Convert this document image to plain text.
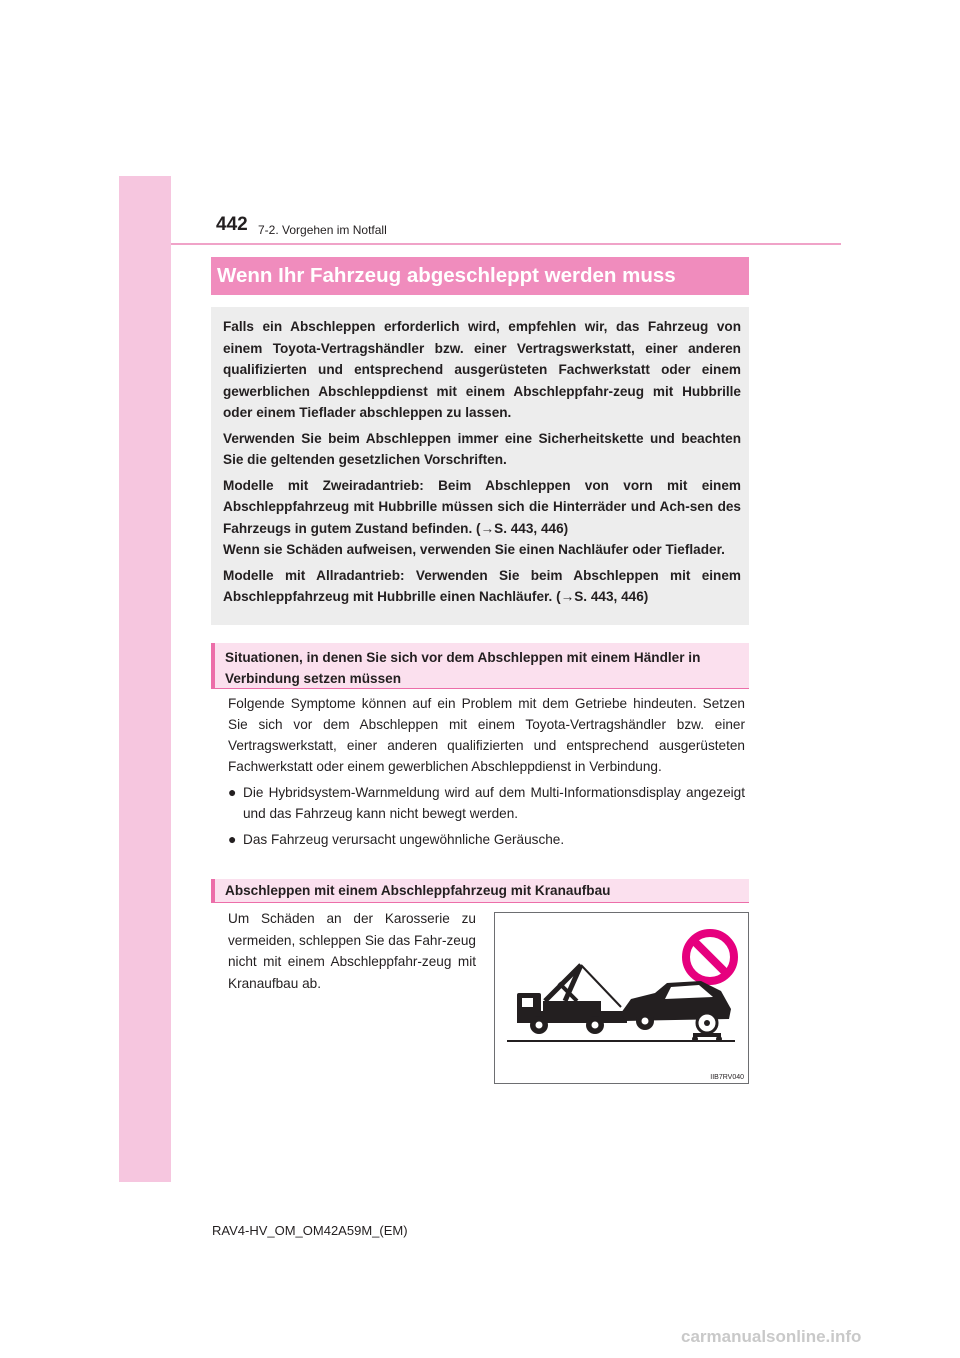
442 7-2. Vorgehen im Notfall
Wenn Ihr Fahrzeug abgeschleppt werden muss

Falls ein Abschleppen erforderlich wird, empfehlen wir, das Fahrzeug von einem Toyota-Vertragshändler bzw. einer Vertragswerkstatt, einer anderen qualifizierten und entsprechend ausgerüsteten Fachwerkstatt oder einem gewerblichen Abschleppdienst mit einem Abschleppfahr-zeug mit Hubbrille oder einem Tieflader abschleppen zu lassen.

Verwenden Sie beim Abschleppen immer eine Sicherheitskette und beachten Sie die geltenden gesetzlichen Vorschriften.

Modelle mit Zweiradantrieb: Beim Abschleppen von vorn mit einem Abschleppfahrzeug mit Hubbrille müssen sich die Hinterräder und Ach-sen des Fahrzeugs in gutem Zustand befinden. (→S. 443, 446)

Wenn sie Schäden aufweisen, verwenden Sie einen Nachläufer oder Tieflader.

Modelle mit Allradantrieb: Verwenden Sie beim Abschleppen mit einem Abschleppfahrzeug mit Hubbrille einen Nachläufer. (→S. 443, 446)

Situationen, in denen Sie sich vor dem Abschleppen mit einem Händler in Verbindung setzen müssen

Folgende Symptome können auf ein Problem mit dem Getriebe hindeuten. Setzen Sie sich vor dem Abschleppen mit einem Toyota-Vertragshändler bzw. einer Vertragswerkstatt, einer anderen qualifizierten und entsprechend ausgerüsteten Fachwerkstatt oder einem gewerblichen Abschleppdienst in Verbindung.

● Die Hybridsystem-Warnmeldung wird auf dem Multi-Informationsdisplay angezeigt und das Fahrzeug kann nicht bewegt werden.
● Das Fahrzeug verursacht ungewöhnliche Geräusche.
Abschleppen mit einem Abschleppfahrzeug mit Kranaufbau
Um Schäden an der Karosserie zu vermeiden, schleppen Sie das Fahr-zeug nicht mit einem Abschleppfahr-zeug mit Kranaufbau ab.
IIB7RV040
RAV4-HV_OM_OM42A59M_(EM)
carmanualsonline.info
